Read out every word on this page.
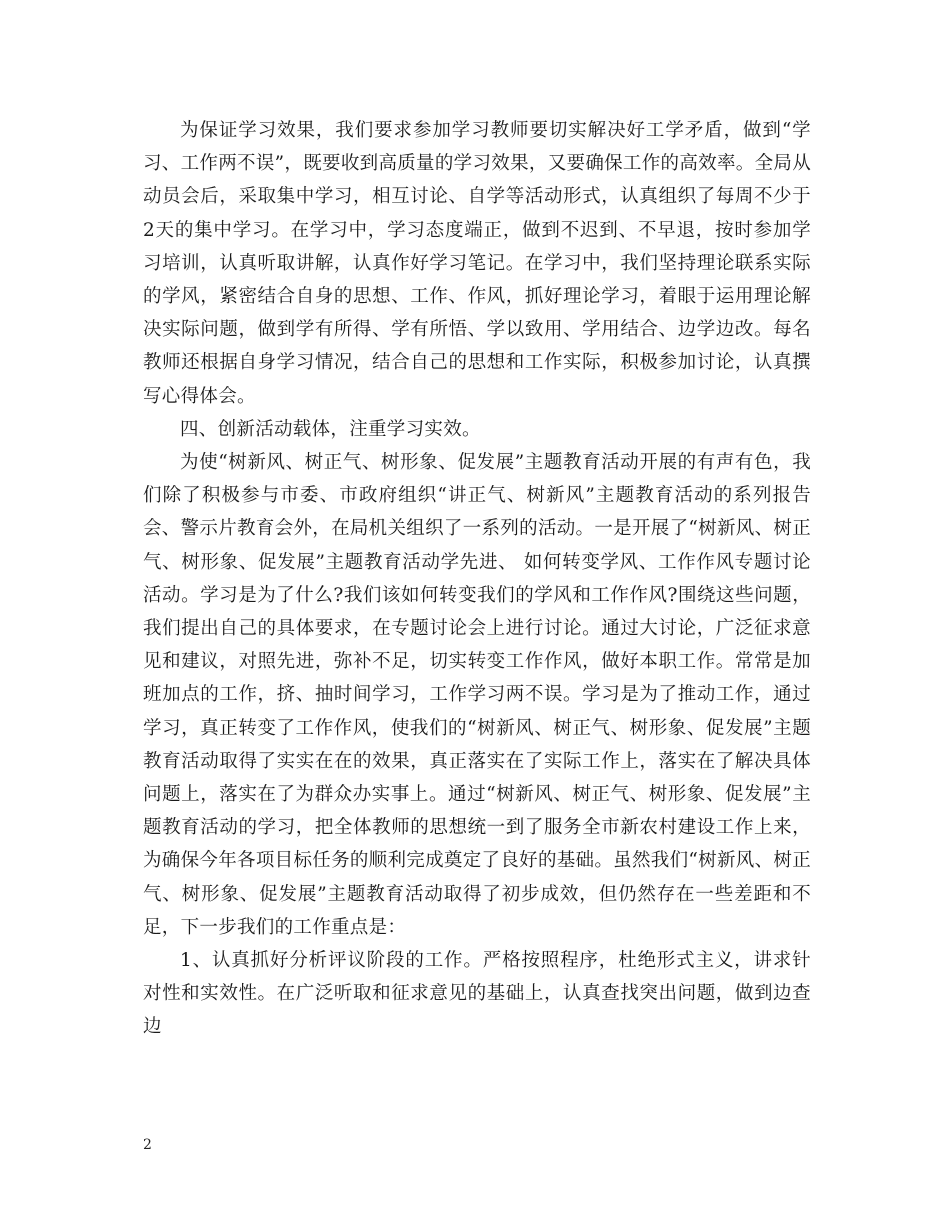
为保证学习效果，我们要求参加学习教师要切实解决好工学矛盾，做到“学习、工作两不误”，既要收到高质量的学习效果，又要确保工作的高效率。全局从动员会后，采取集中学习，相互讨论、自学等活动形式，认真组织了每周不少于2天的集中学习。在学习中，学习态度端正，做到不迟到、不早退，按时参加学习培训，认真听取讲解，认真作好学习笔记。在学习中，我们坚持理论联系实际的学风，紧密结合自身的思想、工作、作风，抓好理论学习，着眼于运用理论解决实际问题，做到学有所得、学有所悟、学以致用、学用结合、边学边改。每名教师还根据自身学习情况，结合自己的思想和工作实际，积极参加讨论，认真撰写心得体会。

四、创新活动载体，注重学习实效。

为使“树新风、树正气、树形象、促发展”主题教育活动开展的有声有色，我们除了积极参与市委、市政府组织“讲正气、树新风”主题教育活动的系列报告会、警示片教育会外，在局机关组织了一系列的活动。一是开展了“树新风、树正气、树形象、促发展”主题教育活动学先进、 如何转变学风、工作作风专题讨论活动。学习是为了什么?我们该如何转变我们的学风和工作作风?围绕这些问题，我们提出自己的具体要求，在专题讨论会上进行讨论。通过大讨论，广泛征求意见和建议，对照先进，弥补不足，切实转变工作作风，做好本职工作。常常是加班加点的工作，挤、抽时间学习，工作学习两不误。学习是为了推动工作，通过学习，真正转变了工作作风，使我们的“树新风、树正气、树形象、促发展”主题教育活动取得了实实在在的效果，真正落实在了实际工作上，落实在了解决具体问题上，落实在了为群众办实事上。通过“树新风、树正气、树形象、促发展”主题教育活动的学习，把全体教师的思想统一到了服务全市新农村建设工作上来，为确保今年各项目标任务的顺利完成奠定了良好的基础。虽然我们“树新风、树正气、树形象、促发展”主题教育活动取得了初步成效，但仍然存在一些差距和不足，下一步我们的工作重点是：

1、认真抓好分析评议阶段的工作。严格按照程序，杜绝形式主义，讲求针对性和实效性。在广泛听取和征求意见的基础上，认真查找突出问题，做到边查边

2
